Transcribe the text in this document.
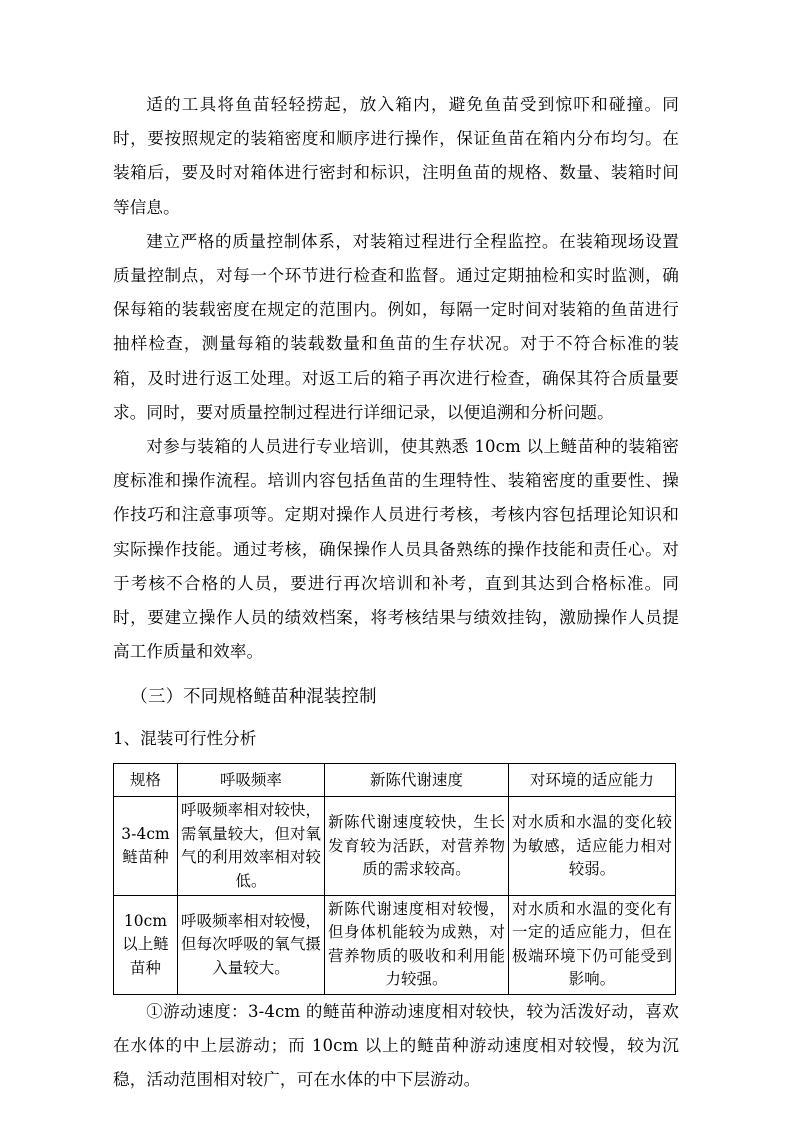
适的工具将鱼苗轻轻捞起，放入箱内，避免鱼苗受到惊吓和碰撞。同时，要按照规定的装箱密度和顺序进行操作，保证鱼苗在箱内分布均匀。在装箱后，要及时对箱体进行密封和标识，注明鱼苗的规格、数量、装箱时间等信息。

建立严格的质量控制体系，对装箱过程进行全程监控。在装箱现场设置质量控制点，对每一个环节进行检查和监督。通过定期抽检和实时监测，确保每箱的装载密度在规定的范围内。例如，每隔一定时间对装箱的鱼苗进行抽样检查，测量每箱的装载数量和鱼苗的生存状况。对于不符合标准的装箱，及时进行返工处理。对返工后的箱子再次进行检查，确保其符合质量要求。同时，要对质量控制过程进行详细记录，以便追溯和分析问题。

对参与装箱的人员进行专业培训，使其熟悉 10cm 以上鲢苗种的装箱密度标准和操作流程。培训内容包括鱼苗的生理特性、装箱密度的重要性、操作技巧和注意事项等。定期对操作人员进行考核，考核内容包括理论知识和实际操作技能。通过考核，确保操作人员具备熟练的操作技能和责任心。对于考核不合格的人员，要进行再次培训和补考，直到其达到合格标准。同时，要建立操作人员的绩效档案，将考核结果与绩效挂钩，激励操作人员提高工作质量和效率。

（三）不同规格鲢苗种混装控制

1、混装可行性分析

规格	呼吸频率	新陈代谢速度	对环境的适应能力
3-4cm 鲢苗种	呼吸频率相对较快，需氧量较大，但对氧气的利用效率相对较低。	新陈代谢速度较快，生长发育较为活跃，对营养物质的需求较高。	对水质和水温的变化较为敏感，适应能力相对较弱。
10cm 以上鲢苗种	呼吸频率相对较慢，但每次呼吸的氧气摄入量较大。	新陈代谢速度相对较慢，但身体机能较为成熟，对营养物质的吸收和利用能力较强。	对水质和水温的变化有一定的适应能力，但在极端环境下仍可能受到影响。

①游动速度：3-4cm 的鲢苗种游动速度相对较快，较为活泼好动，喜欢在水体的中上层游动；而 10cm 以上的鲢苗种游动速度相对较慢，较为沉稳，活动范围相对较广，可在水体的中下层游动。
